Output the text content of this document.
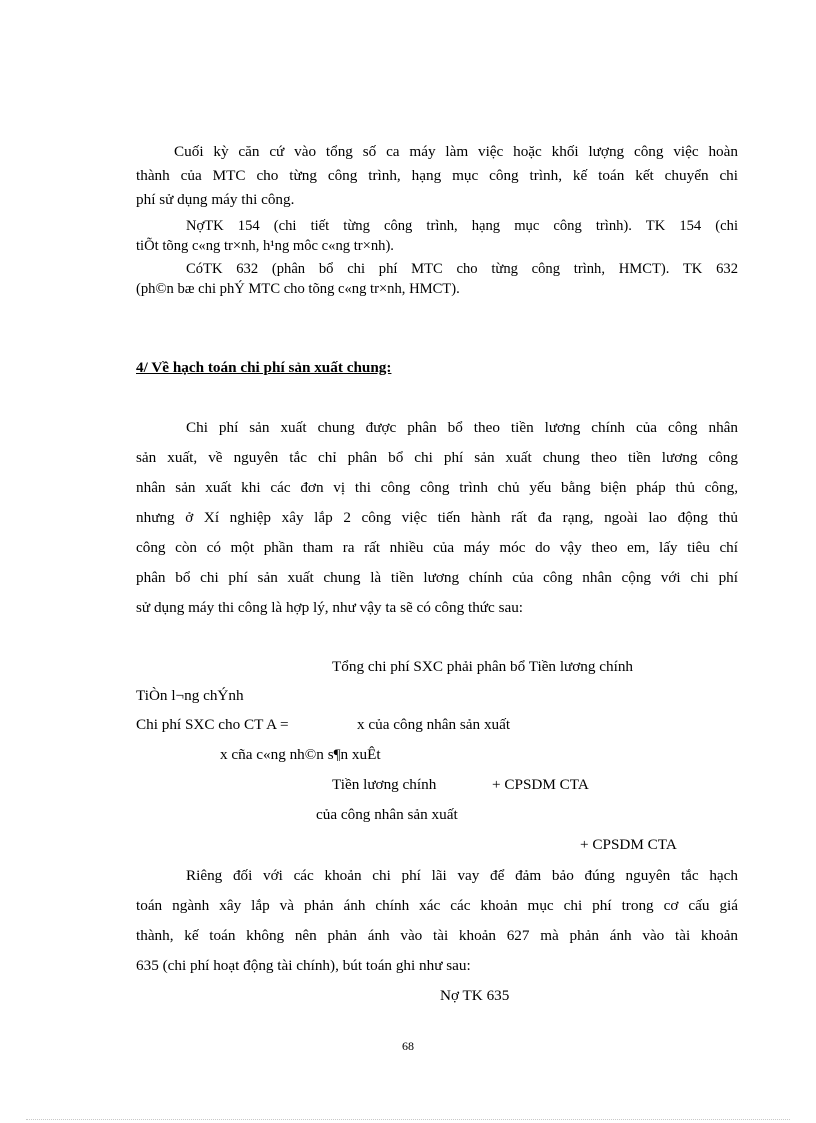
Cuối kỳ căn cứ vào tổng số ca máy làm việc hoặc khối lượng công việc hoàn
thành của MTC cho từng công trình, hạng mục công trình, kế toán kết chuyển chi
phí sử dụng máy thi công.
NợTK 154 (chi tiết từng công trình, hạng mục công trình). TK 154 (chi
tiÕt tõng c«ng tr×nh, h¹ng môc c«ng tr×nh).
CóTK 632 (phân bổ chi phí MTC cho từng công trình, HMCT). TK 632
(ph©n bæ chi phÝ MTC cho tõng c«ng tr×nh, HMCT).
4/ Về hạch toán chi phí sản xuất chung:
Chi phí sản xuất chung được phân bổ theo tiền lương chính của công nhân
sản xuất, về nguyên tắc chỉ phân bổ chi phí sản xuất chung theo tiền lương công
nhân sản xuất khi các đơn vị thi công công trình chủ yếu bằng biện pháp thủ công,
nhưng ở Xí nghiệp xây lắp 2 công việc tiến hành rất đa rạng, ngoài lao động thủ
công còn có một phần tham ra rất nhiều của máy móc do vậy theo em, lấy tiêu chí
phân bổ chi phí sản xuất chung là tiền lương chính của công nhân cộng với chi phí
sử dụng máy thi công là hợp lý, như vậy ta sẽ có công thức sau:
Tổng chi phí SXC phải phân bổ Tiền lương chính
TiÒn l¬ng chÝnh
Chi phí SXC cho CT A =	x của công nhân sản xuất
x cña c«ng nh©n s¶n xuÊt
Tiền lương chính	+ CPSDM CTA
của công nhân sản xuất
+ CPSDM CTA
Riêng đối với các khoản chi phí lãi vay để đảm bảo đúng nguyên tắc hạch
toán ngành xây lắp và phản ánh chính xác các khoản mục chi phí trong cơ cấu giá
thành, kế toán không nên phản ánh vào tài khoản 627 mà phản ánh vào tài khoản
635 (chi phí hoạt động tài chính), bút toán ghi như sau:
Nợ TK 635
68
